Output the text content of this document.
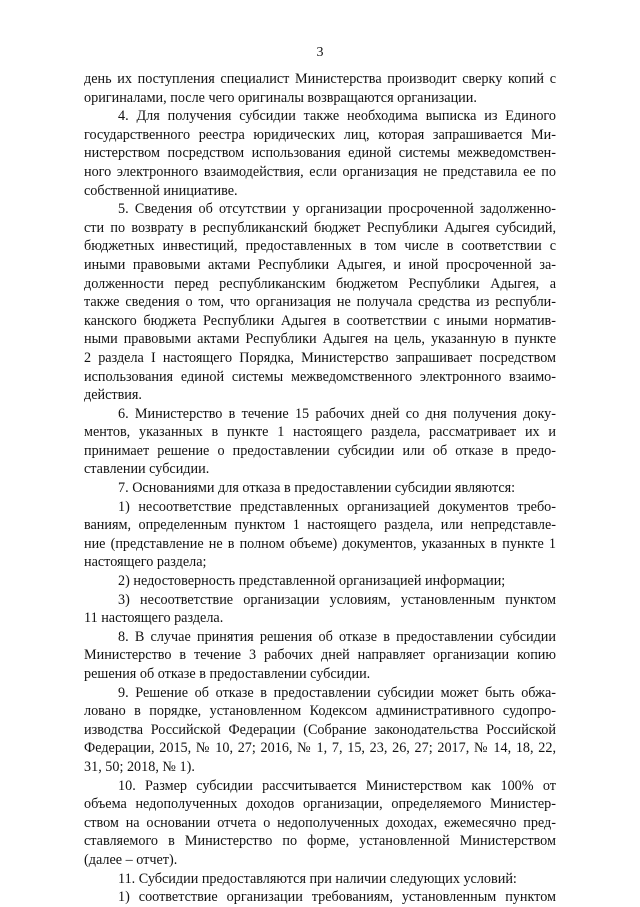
3
день их поступления специалист Министерства производит сверку копий с
оригиналами, после чего оригиналы возвращаются организации.
4. Для получения субсидии также необходима выписка из Единого
государственного реестра юридических лиц, которая запрашивается Ми-
нистерством посредством использования единой системы межведомствен-
ного электронного взаимодействия, если организация не представила ее по
собственной инициативе.
5. Сведения об отсутствии у организации просроченной задолженно-
сти по возврату в республиканский бюджет Республики Адыгея субсидий,
бюджетных инвестиций, предоставленных в том числе в соответствии с
иными правовыми актами Республики Адыгея, и иной просроченной за-
долженности перед республиканским бюджетом Республики Адыгея, а
также сведения о том, что организация не получала средства из республи-
канского бюджета Республики Адыгея в соответствии с иными норматив-
ными правовыми актами Республики Адыгея на цель, указанную в пункте
2 раздела I настоящего Порядка, Министерство запрашивает посредством
использования единой системы межведомственного электронного взаимо-
действия.
6. Министерство в течение 15 рабочих дней со дня получения доку-
ментов, указанных в пункте 1 настоящего раздела, рассматривает их и
принимает решение о предоставлении субсидии или об отказе в предо-
ставлении субсидии.
7. Основаниями для отказа в предоставлении субсидии являются:
1) несоответствие представленных организацией документов требо-
ваниям, определенным пунктом 1 настоящего раздела, или непредставле-
ние (представление не в полном объеме) документов, указанных в пункте 1
настоящего раздела;
2) недостоверность представленной организацией информации;
3) несоответствие организации условиям, установленным пунктом
11 настоящего раздела.
8. В случае принятия решения об отказе в предоставлении субсидии
Министерство в течение 3 рабочих дней направляет организации копию
решения об отказе в предоставлении субсидии.
9. Решение об отказе в предоставлении субсидии может быть обжа-
ловано в порядке, установленном Кодексом административного судопро-
изводства Российской Федерации (Собрание законодательства Российской
Федерации, 2015, № 10, 27; 2016, № 1, 7, 15, 23, 26, 27; 2017, № 14, 18, 22,
31, 50; 2018, № 1).
10. Размер субсидии рассчитывается Министерством как 100% от
объема недополученных доходов организации, определяемого Министер-
ством на основании отчета о недополученных доходах, ежемесячно пред-
ставляемого в Министерство по форме, установленной Министерством
(далее – отчет).
11. Субсидии предоставляются при наличии следующих условий:
1) соответствие организации требованиям, установленным пунктом
